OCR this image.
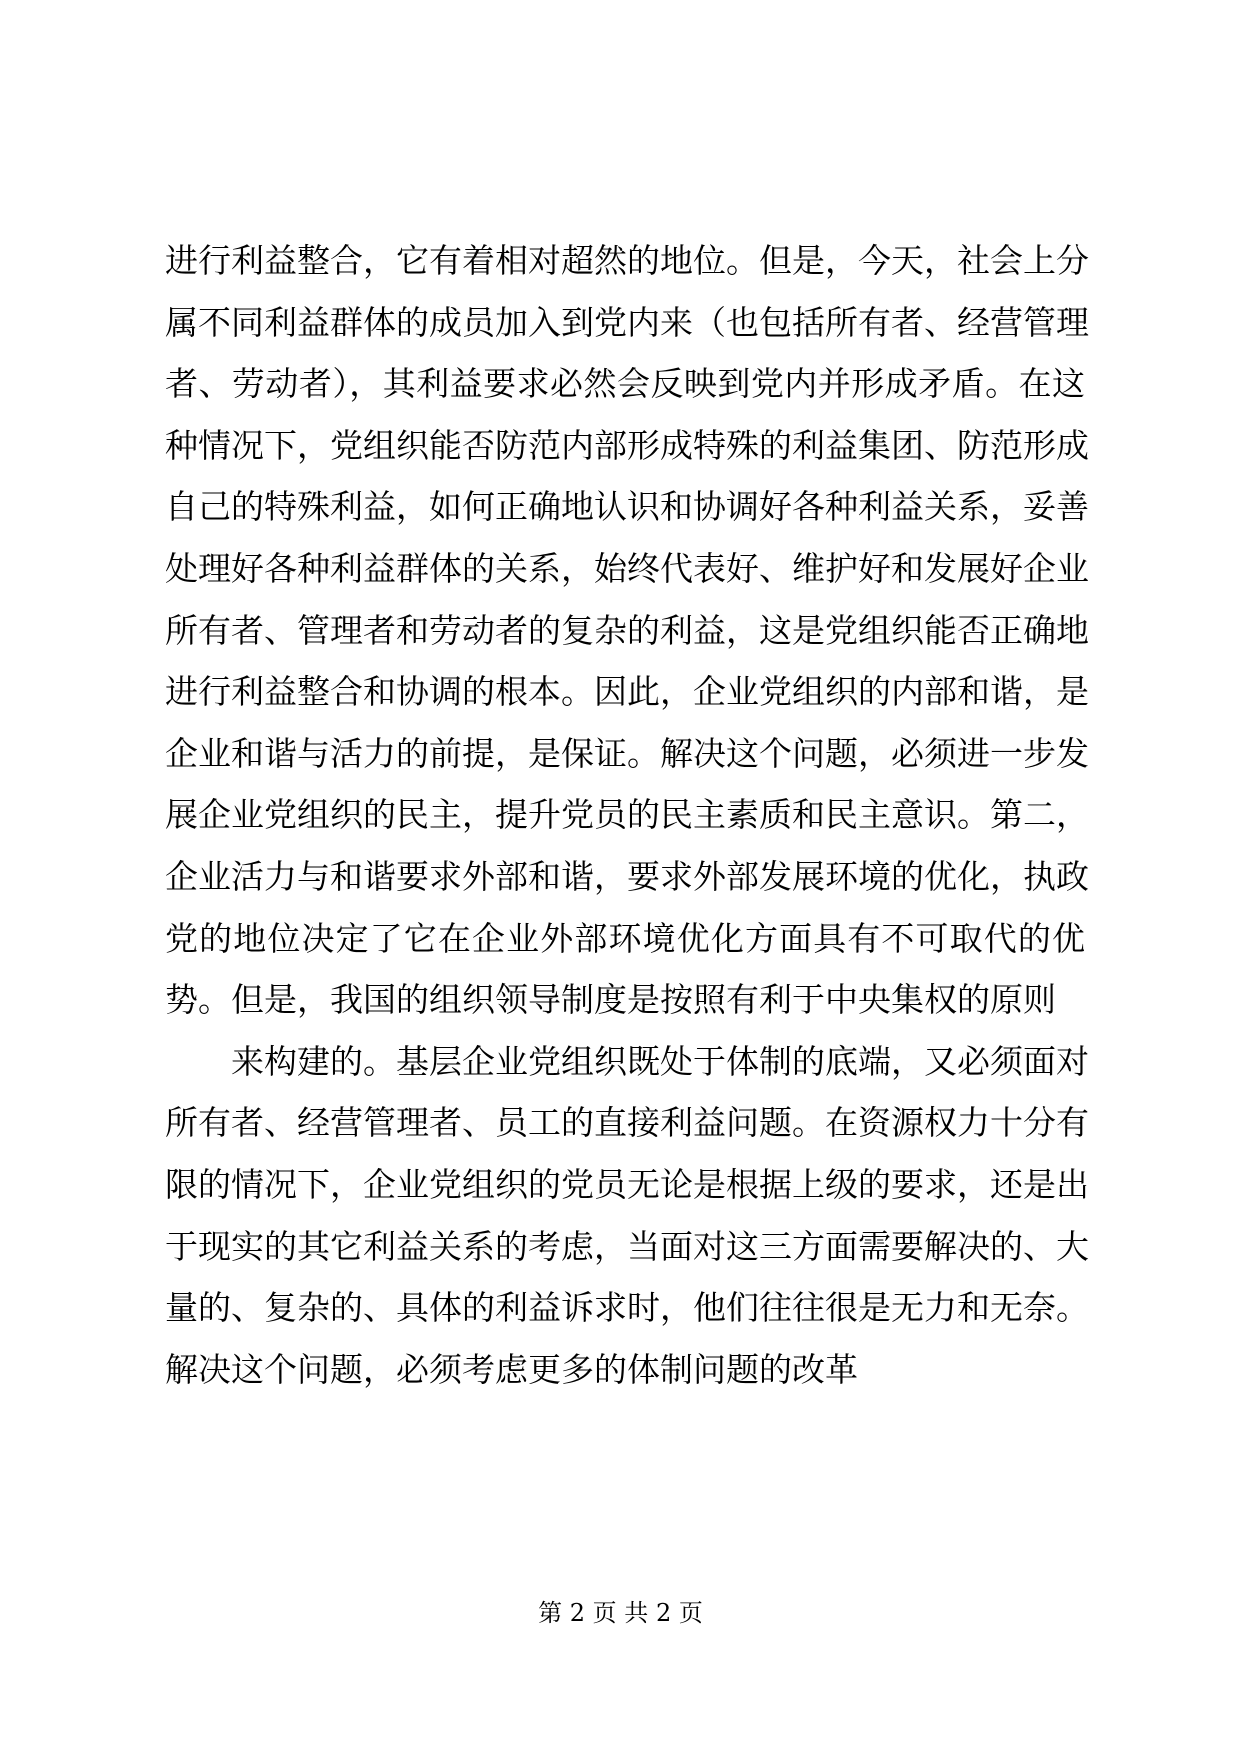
进行利益整合，它有着相对超然的地位。但是，今天，社会上分
属不同利益群体的成员加入到党内来（也包括所有者、经营管理
者、劳动者），其利益要求必然会反映到党内并形成矛盾。在这
种情况下，党组织能否防范内部形成特殊的利益集团、防范形成
自己的特殊利益，如何正确地认识和协调好各种利益关系，妥善
处理好各种利益群体的关系，始终代表好、维护好和发展好企业
所有者、管理者和劳动者的复杂的利益，这是党组织能否正确地
进行利益整合和协调的根本。因此，企业党组织的内部和谐，是
企业和谐与活力的前提，是保证。解决这个问题，必须进一步发
展企业党组织的民主，提升党员的民主素质和民主意识。第二，
企业活力与和谐要求外部和谐，要求外部发展环境的优化，执政
党的地位决定了它在企业外部环境优化方面具有不可取代的优
势。但是，我国的组织领导制度是按照有利于中央集权的原则
来构建的。基层企业党组织既处于体制的底端，又必须面对
所有者、经营管理者、员工的直接利益问题。在资源权力十分有
限的情况下，企业党组织的党员无论是根据上级的要求，还是出
于现实的其它利益关系的考虑，当面对这三方面需要解决的、大
量的、复杂的、具体的利益诉求时，他们往往很是无力和无奈。
解决这个问题，必须考虑更多的体制问题的改革
第 2 页 共 2 页
